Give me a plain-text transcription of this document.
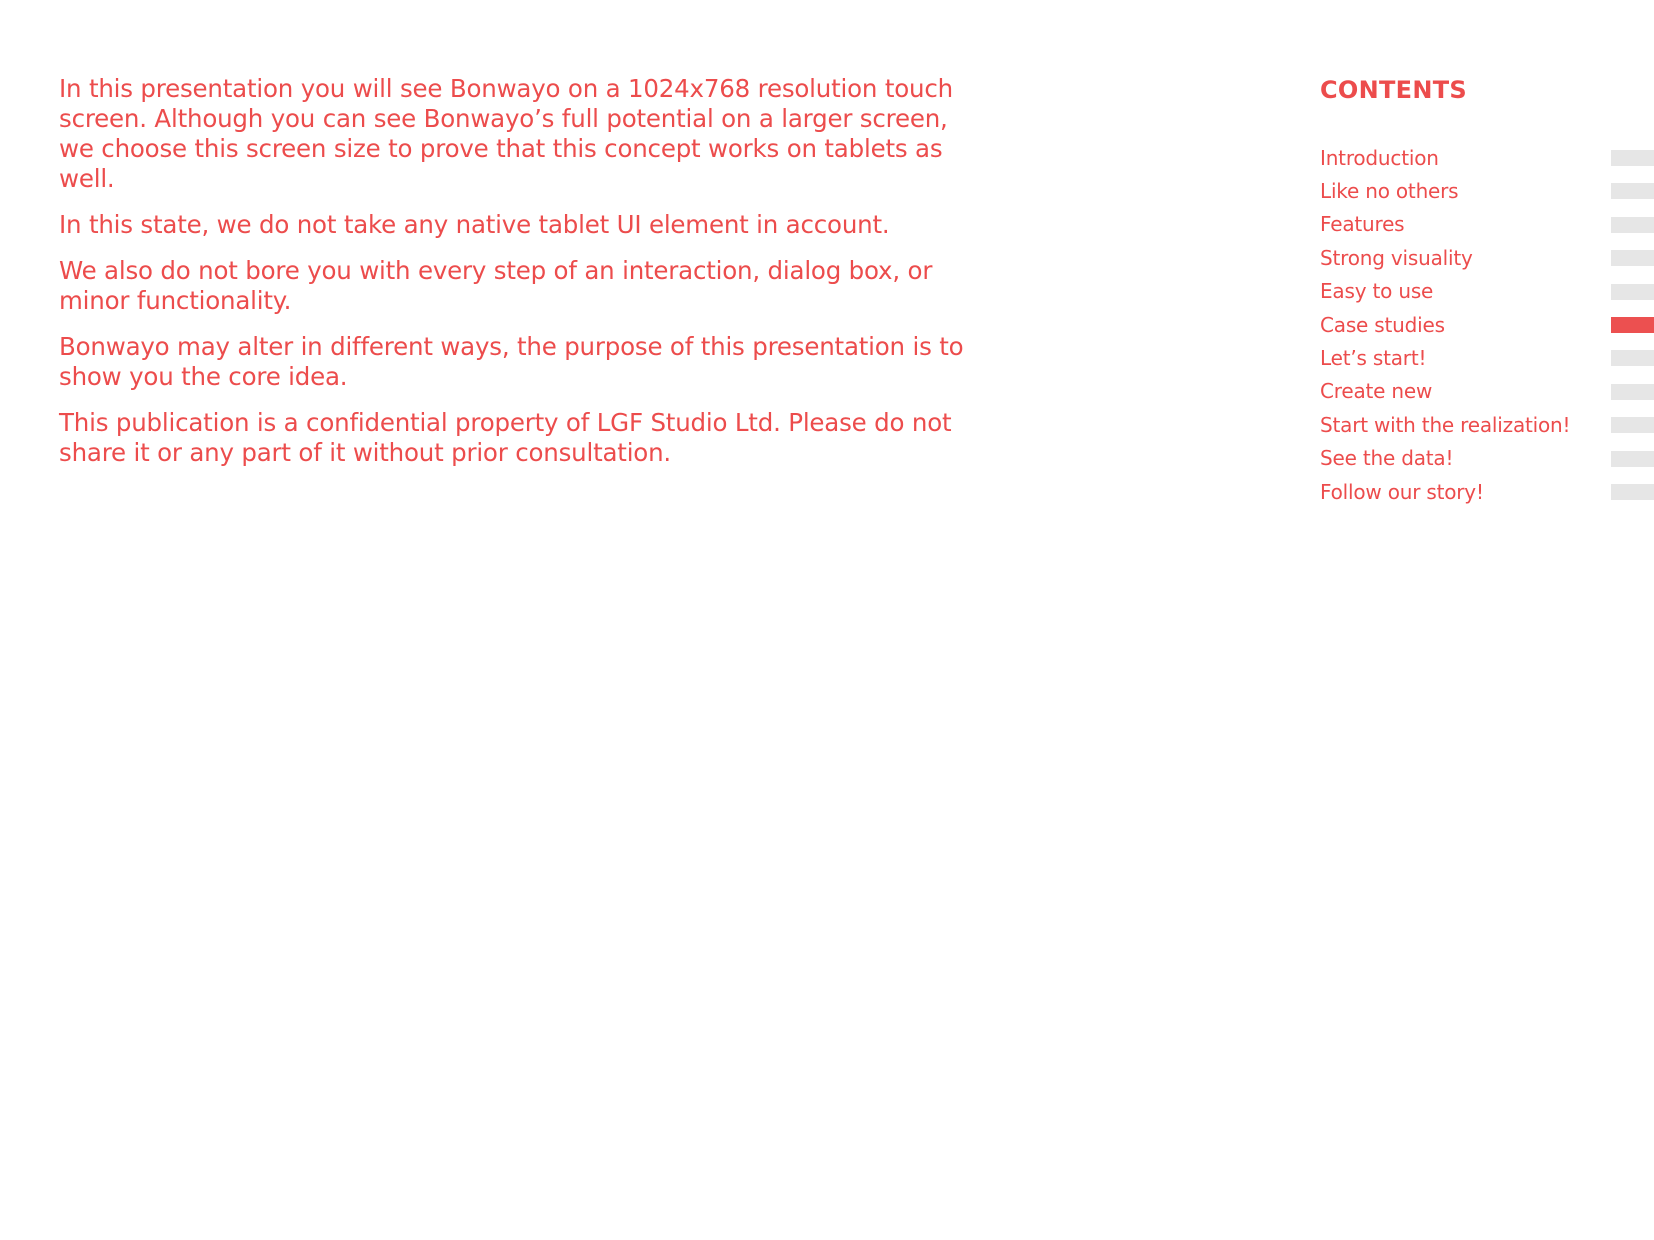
In this presentation you will see Bonwayo on a 1024x768 resolution touch screen. Although you can see Bonwayo’s full potential on a larger screen, we choose this screen size to prove that this concept works on tablets as well.

In this state, we do not take any native tablet UI element in account.

We also do not bore you with every step of an interaction, dialog box, or minor functionality.

Bonwayo may alter in different ways, the purpose of this presentation is to show you the core idea.

This publication is a confidential property of LGF Studio Ltd. Please do not share it or any part of it without prior consultation.

CONTENTS
Introduction
Like no others
Features
Strong visuality
Easy to use
Case studies
Let’s start!
Create new
Start with the realization!
See the data!
Follow our story!
